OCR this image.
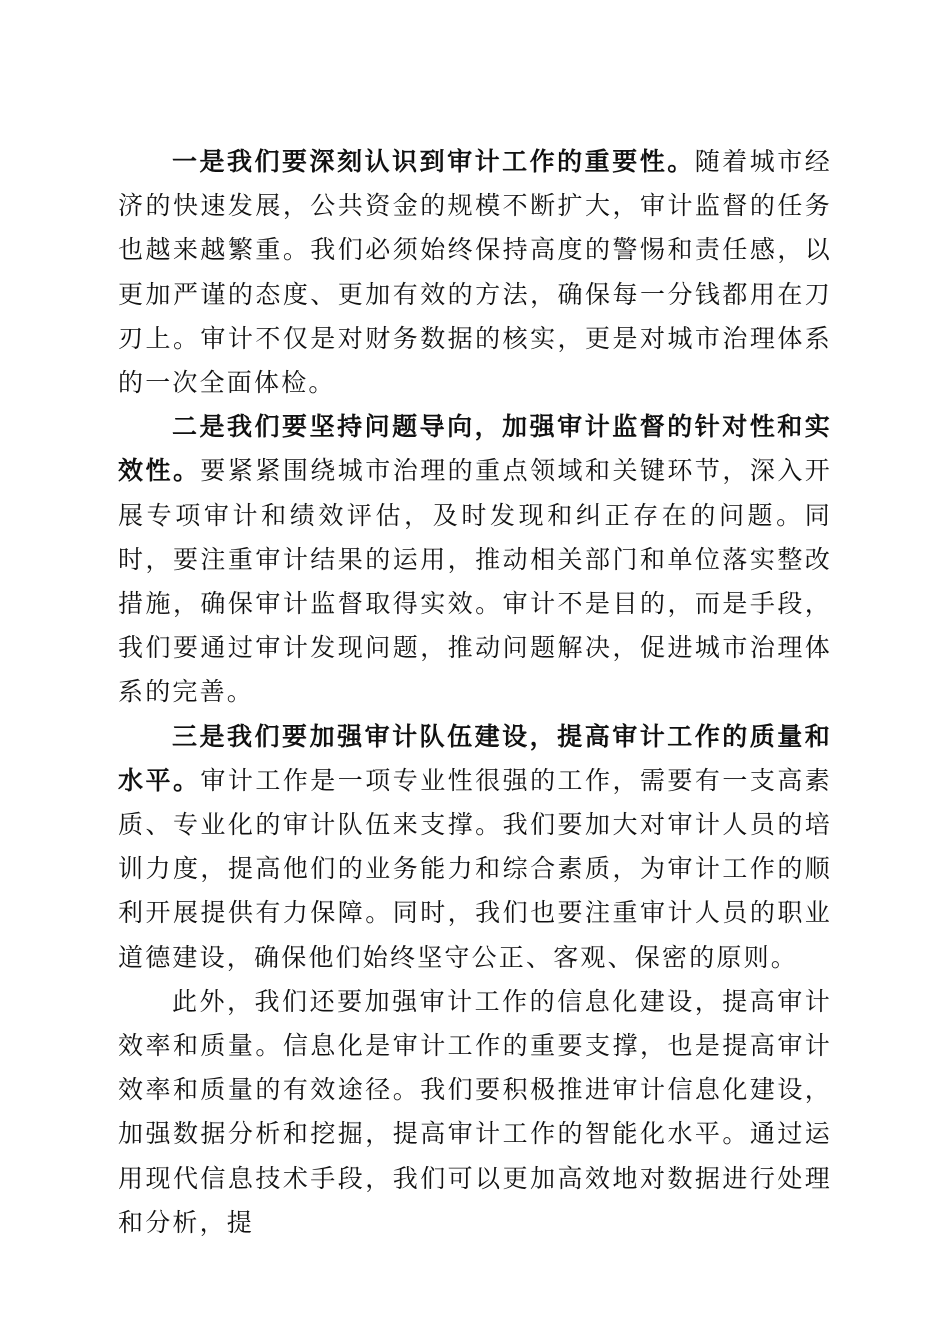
一是我们要深刻认识到审计工作的重要性。随着城市经济的快速发展，公共资金的规模不断扩大，审计监督的任务也越来越繁重。我们必须始终保持高度的警惕和责任感，以更加严谨的态度、更加有效的方法，确保每一分钱都用在刀刃上。审计不仅是对财务数据的核实，更是对城市治理体系的一次全面体检。

二是我们要坚持问题导向，加强审计监督的针对性和实效性。要紧紧围绕城市治理的重点领域和关键环节，深入开展专项审计和绩效评估，及时发现和纠正存在的问题。同时，要注重审计结果的运用，推动相关部门和单位落实整改措施，确保审计监督取得实效。审计不是目的，而是手段，我们要通过审计发现问题，推动问题解决，促进城市治理体系的完善。

三是我们要加强审计队伍建设，提高审计工作的质量和水平。审计工作是一项专业性很强的工作，需要有一支高素质、专业化的审计队伍来支撑。我们要加大对审计人员的培训力度，提高他们的业务能力和综合素质，为审计工作的顺利开展提供有力保障。同时，我们也要注重审计人员的职业道德建设，确保他们始终坚守公正、客观、保密的原则。

此外，我们还要加强审计工作的信息化建设，提高审计效率和质量。信息化是审计工作的重要支撑，也是提高审计效率和质量的有效途径。我们要积极推进审计信息化建设，加强数据分析和挖掘，提高审计工作的智能化水平。通过运用现代信息技术手段，我们可以更加高效地对数据进行处理和分析，提
